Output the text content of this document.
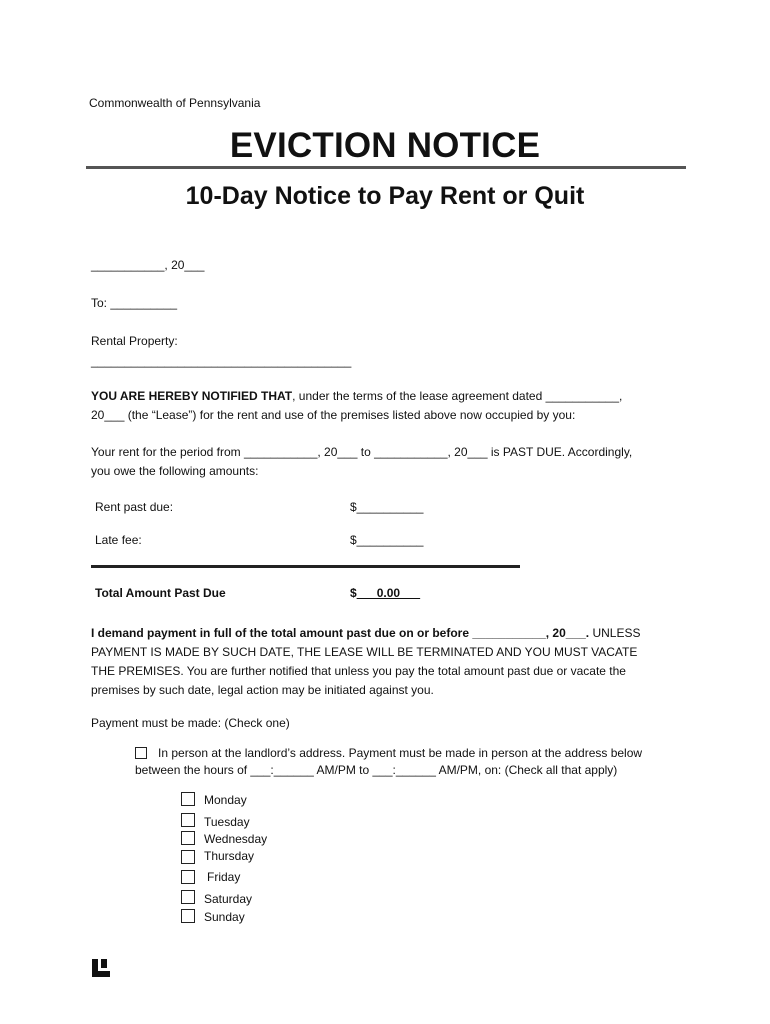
Commonwealth of Pennsylvania
EVICTION NOTICE
10-Day Notice to Pay Rent or Quit
___________, 20___
To: __________
Rental Property:
_______________________________________
YOU ARE HEREBY NOTIFIED THAT, under the terms of the lease agreement dated ___________,
20___ (the “Lease”) for the rent and use of the premises listed above now occupied by you:
Your rent for the period from ___________, 20___ to ___________, 20___ is PAST DUE. Accordingly,
you owe the following amounts:
Rent past due:	$__________
Late fee:	$__________
Total Amount Past Due	$___0.00___
I demand payment in full of the total amount past due on or before ___________, 20___. UNLESS
PAYMENT IS MADE BY SUCH DATE, THE LEASE WILL BE TERMINATED AND YOU MUST VACATE
THE PREMISES. You are further notified that unless you pay the total amount past due or vacate the
premises by such date, legal action may be initiated against you.
Payment must be made: (Check one)
In person at the landlord’s address. Payment must be made in person at the address below
between the hours of ___:______ AM/PM to ___:______ AM/PM, on: (Check all that apply)
Monday
Tuesday
Wednesday
Thursday
Friday
Saturday
Sunday
